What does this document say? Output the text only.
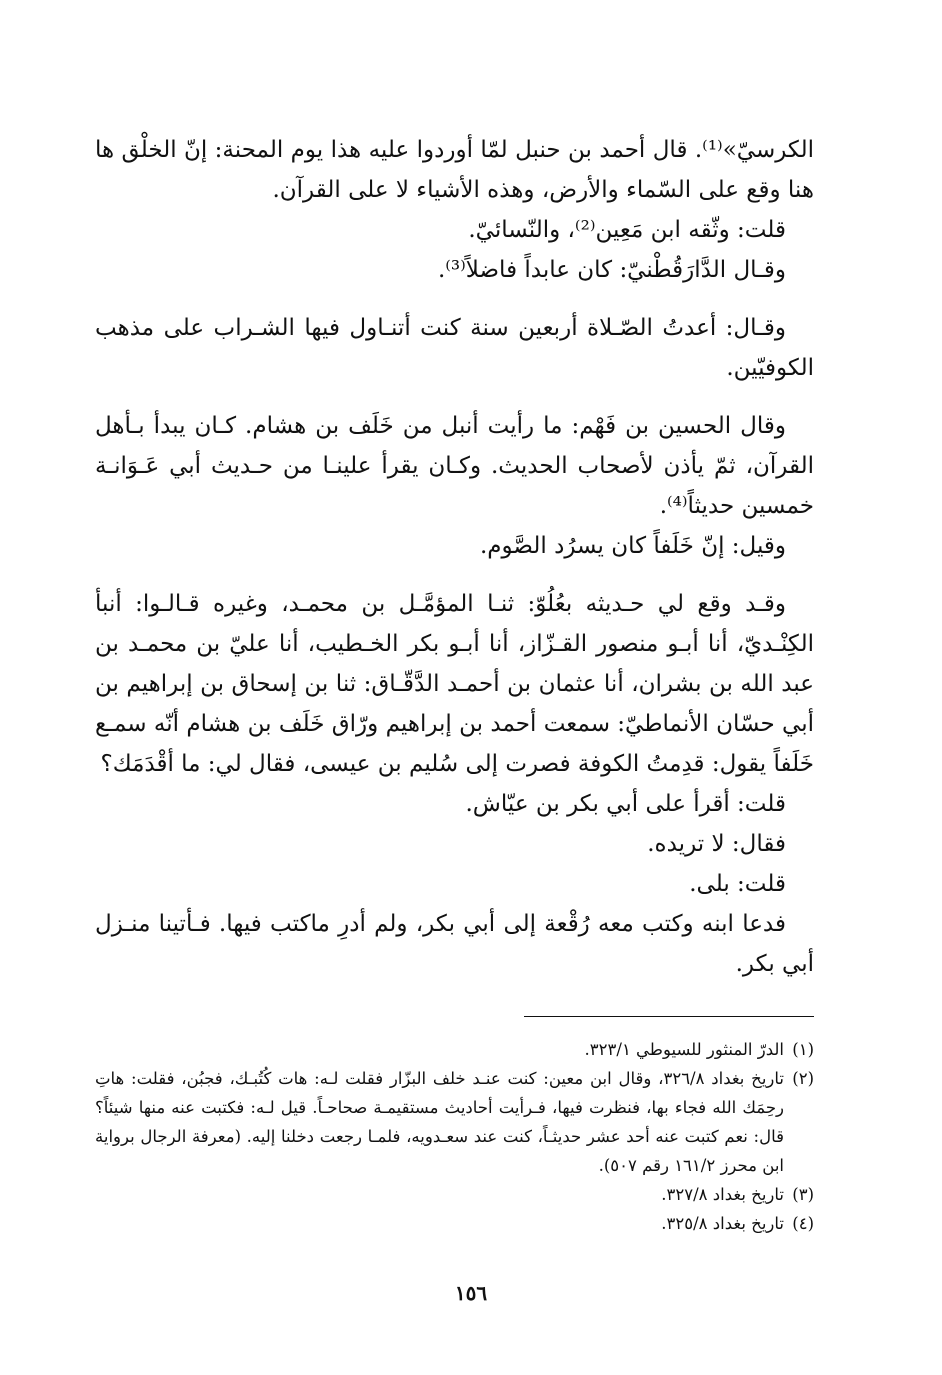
الكرسيّ»⁽¹⁾. قال أحمد بن حنبل لمّا أوردوا عليه هذا يوم المحنة: إنّ الخلْق ها هنا وقع على السّماء والأرض، وهذه الأشياء لا على القرآن.

قلت: وثّقه ابن مَعِين⁽²⁾، والنّسائيّ.

وقـال الدَّارَقُطْنيّ: كان عابداً فاضلاً⁽³⁾.

وقـال: أعدتُ الصّـلاة أربعين سنة كنت أتنـاول فيها الشـراب على مذهب الكوفيّين.

وقال الحسين بن فَهْم: ما رأيت أنبل من خَلَف بن هشام. كـان يبدأ بـأهل القرآن، ثمّ يأذن لأصحاب الحديث. وكـان يقرأ علينـا من حـديث أبي عَـوَانـة خمسين حديثاً⁽⁴⁾.

وقيل: إنّ خَلَفاً كان يسرُد الصَّوم.

وقـد وقع لي حـديثه بعُلُوّ: ثنـا المؤمَّـل بن محمـد، وغيره قـالـوا: أنبأ الكِنْـديّ، أنا أبـو منصور القـزّاز، أنا أبـو بكر الخـطيب، أنا عليّ بن محمـد بن عبد الله بن بشران، أنا عثمان بن أحمـد الدَّقّـاق: ثنا بن إسحاق بن إبراهيم بن أبي حسّان الأنماطيّ: سمعت أحمد بن إبراهيم ورّاق خَلَف بن هشام أنّه سمـع خَلَفاً يقول: قدِمتُ الكوفة فصرت إلى سُليم بن عيسى، فقال لي: ما أقْدَمَك؟

قلت: أقرأ على أبي بكر بن عيّاش.

فقال: لا تريده.

قلت: بلى.

فدعا ابنه وكتب معه رُقْعة إلى أبي بكر، ولم أدرِ ماكتب فيها. فـأتينا منـزل أبي بكر.

(١)
الدرّ المنثور للسيوطي ٣٢٣/١.
(٢)
تاريخ بغداد ٣٢٦/٨، وقال ابن معين: كنت عنـد خلف البزّار فقلت لـه: هات كُتُبـك، فجبُن، فقلت: هاتِ رحِمَك الله فجاء بها، فنظرت فيها، فـرأيت أحاديث مستقيمـة صحاحـاً. قيل لـه: فكتبت عنه منها شيئاً؟ قال: نعم كتبت عنه أحد عشر حديثـاً، كنت عند سعـدويه، فلمـا رجعت دخلنا إليه. (معرفة الرجال برواية ابن محرز ١٦١/٢ رقم ٥٠٧).
(٣)
تاريخ بغداد ٣٢٧/٨.
(٤)
تاريخ بغداد ٣٢٥/٨.
١٥٦
